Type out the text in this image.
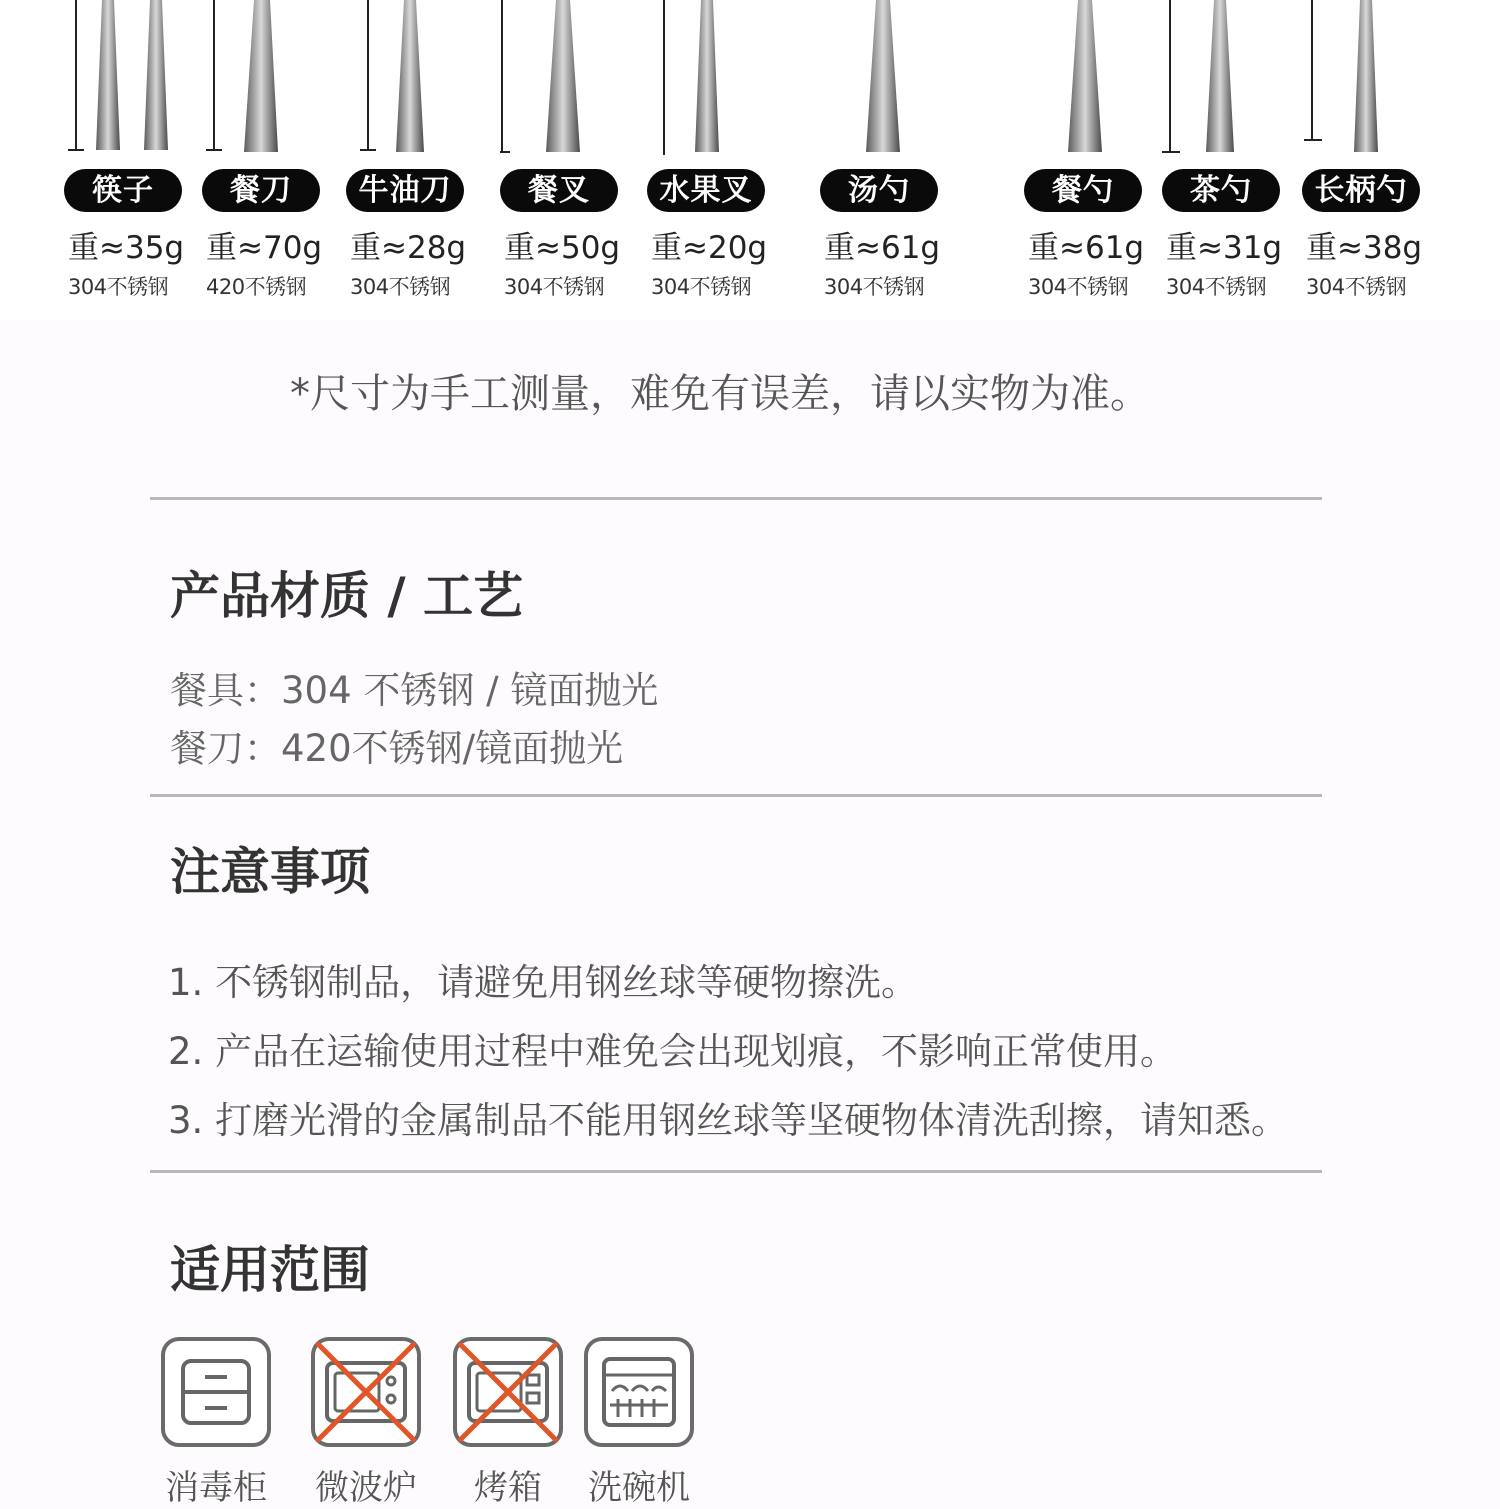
筷子
重≈35g
304不锈钢
餐刀
重≈70g
420不锈钢
牛油刀
重≈28g
304不锈钢
餐叉
重≈50g
304不锈钢
水果叉
重≈20g
304不锈钢
汤勺
重≈61g
304不锈钢
餐勺
重≈61g
304不锈钢
茶勺
重≈31g
304不锈钢
长柄勺
重≈38g
304不锈钢
*尺寸为手工测量，难免有误差，请以实物为准。
产品材质 / 工艺
餐具：304 不锈钢 / 镜面抛光
餐刀：420不锈钢/镜面抛光
注意事项
1. 不锈钢制品，请避免用钢丝球等硬物擦洗。
2. 产品在运输使用过程中难免会出现划痕，不影响正常使用。
3. 打磨光滑的金属制品不能用钢丝球等坚硬物体清洗刮擦，请知悉。
适用范围
消毒柜	微波炉	烤箱	洗碗机
